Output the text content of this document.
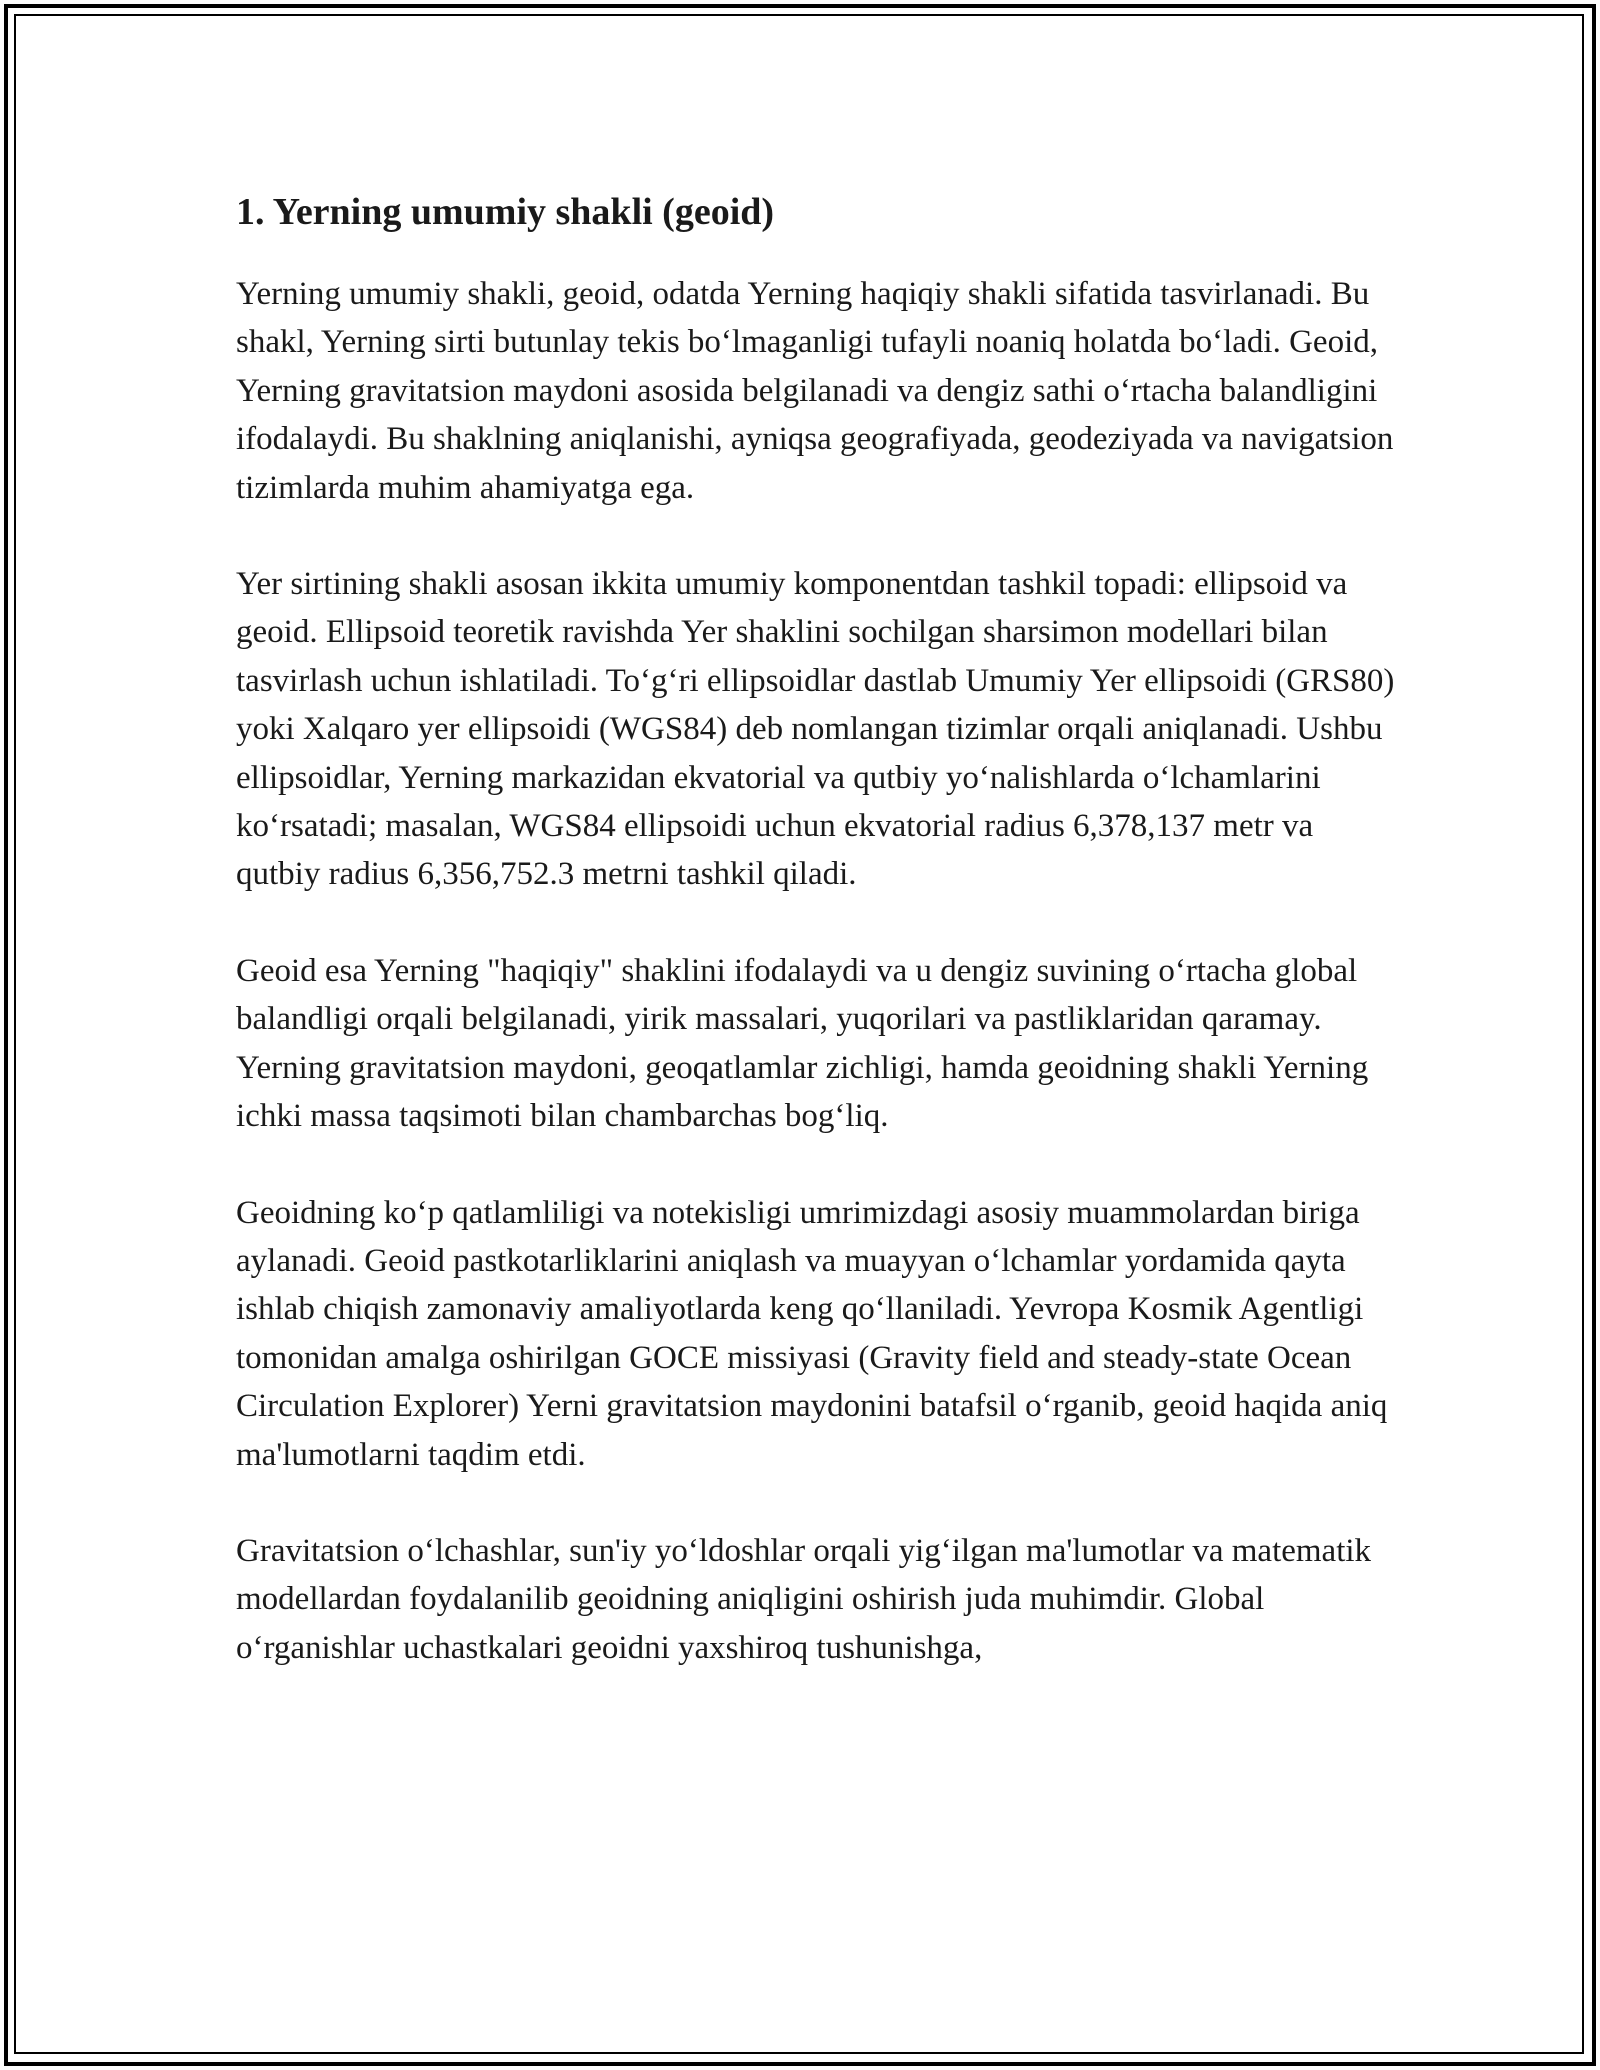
1. Yerning umumiy shakli (geoid)

Yerning umumiy shakli, geoid, odatda Yerning haqiqiy shakli sifatida tasvirlanadi. Bu shakl, Yerning sirti butunlay tekis bo‘lmaganligi tufayli noaniq holatda bo‘ladi. Geoid, Yerning gravitatsion maydoni asosida belgilanadi va dengiz sathi o‘rtacha balandligini ifodalaydi. Bu shaklning aniqlanishi, ayniqsa geografiyada, geodeziyada va navigatsion tizimlarda muhim ahamiyatga ega.

Yer sirtining shakli asosan ikkita umumiy komponentdan tashkil topadi: ellipsoid va geoid. Ellipsoid teoretik ravishda Yer shaklini sochilgan sharsimon modellari bilan tasvirlash uchun ishlatiladi. To‘g‘ri ellipsoidlar dastlab Umumiy Yer ellipsoidi (GRS80) yoki Xalqaro yer ellipsoidi (WGS84) deb nomlangan tizimlar orqali aniqlanadi. Ushbu ellipsoidlar, Yerning markazidan ekvatorial va qutbiy yo‘nalishlarda o‘lchamlarini ko‘rsatadi; masalan, WGS84 ellipsoidi uchun ekvatorial radius 6,378,137 metr va qutbiy radius 6,356,752.3 metrni tashkil qiladi.

Geoid esa Yerning "haqiqiy" shaklini ifodalaydi va u dengiz suvining o‘rtacha global balandligi orqali belgilanadi, yirik massalari, yuqorilari va pastliklaridan qaramay. Yerning gravitatsion maydoni, geoqatlamlar zichligi, hamda geoidning shakli Yerning ichki massa taqsimoti bilan chambarchas bog‘liq.

Geoidning ko‘p qatlamliligi va notekisligi umrimizdagi asosiy muammolardan biriga aylanadi. Geoid pastkotarliklarini aniqlash va muayyan o‘lchamlar yordamida qayta ishlab chiqish zamonaviy amaliyotlarda keng qo‘llaniladi. Yevropa Kosmik Agentligi tomonidan amalga oshirilgan GOCE missiyasi (Gravity field and steady-state Ocean Circulation Explorer) Yerni gravitatsion maydonini batafsil o‘rganib, geoid haqida aniq ma'lumotlarni taqdim etdi.

Gravitatsion o‘lchashlar, sun'iy yo‘ldoshlar orqali yig‘ilgan ma'lumotlar va matematik modellardan foydalanilib geoidning aniqligini oshirish juda muhimdir. Global o‘rganishlar uchastkalari geoidni yaxshiroq tushunishga,
